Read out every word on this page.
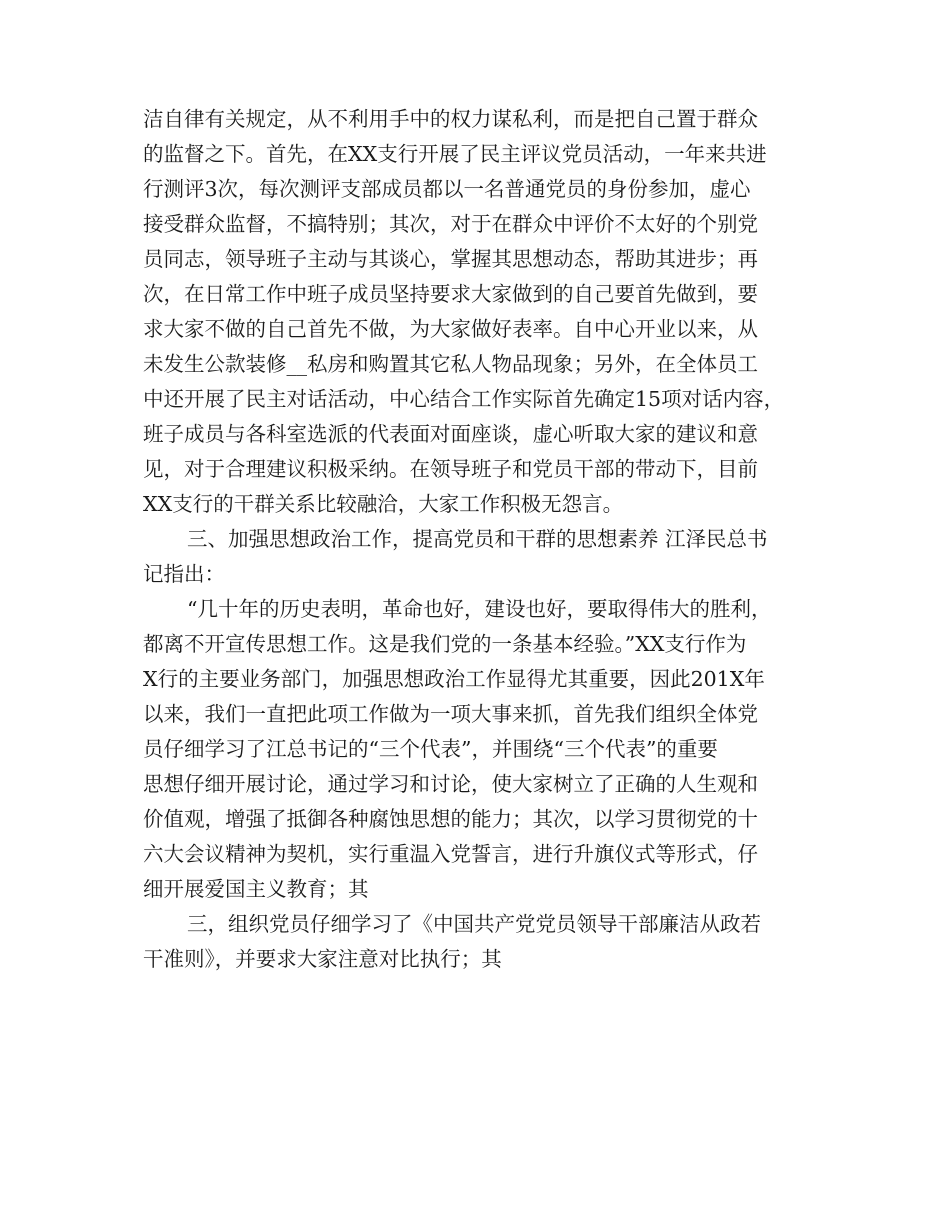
洁自律有关规定，从不利用手中的权力谋私利，而是把自己置于群众
的监督之下。首先，在XX支行开展了民主评议党员活动，一年来共进
行测评3次，每次测评支部成员都以一名普通党员的身份参加，虚心
接受群众监督，不搞特别；其次，对于在群众中评价不太好的个别党
员同志，领导班子主动与其谈心，掌握其思想动态，帮助其进步；再
次，在日常工作中班子成员坚持要求大家做到的自己要首先做到，要
求大家不做的自己首先不做，为大家做好表率。自中心开业以来，从
未发生公款装修__私房和购置其它私人物品现象；另外，在全体员工
中还开展了民主对话活动，中心结合工作实际首先确定15项对话内容，
班子成员与各科室选派的代表面对面座谈，虚心听取大家的建议和意
见，对于合理建议积极采纳。在领导班子和党员干部的带动下，目前
XX支行的干群关系比较融洽，大家工作积极无怨言。
三、加强思想政治工作，提高党员和干群的思想素养 江泽民总书
记指出：
“几十年的历史表明，革命也好，建设也好，要取得伟大的胜利，
都离不开宣传思想工作。这是我们党的一条基本经验。”XX支行作为
X行的主要业务部门，加强思想政治工作显得尤其重要，因此201X年
以来，我们一直把此项工作做为一项大事来抓，首先我们组织全体党
员仔细学习了江总书记的“三个代表”，并围绕“三个代表”的重要
思想仔细开展讨论，通过学习和讨论，使大家树立了正确的人生观和
价值观，增强了抵御各种腐蚀思想的能力；其次，以学习贯彻党的十
六大会议精神为契机，实行重温入党誓言，进行升旗仪式等形式，仔
细开展爱国主义教育；其
三，组织党员仔细学习了《中国共产党党员领导干部廉洁从政若
干准则》，并要求大家注意对比执行；其
